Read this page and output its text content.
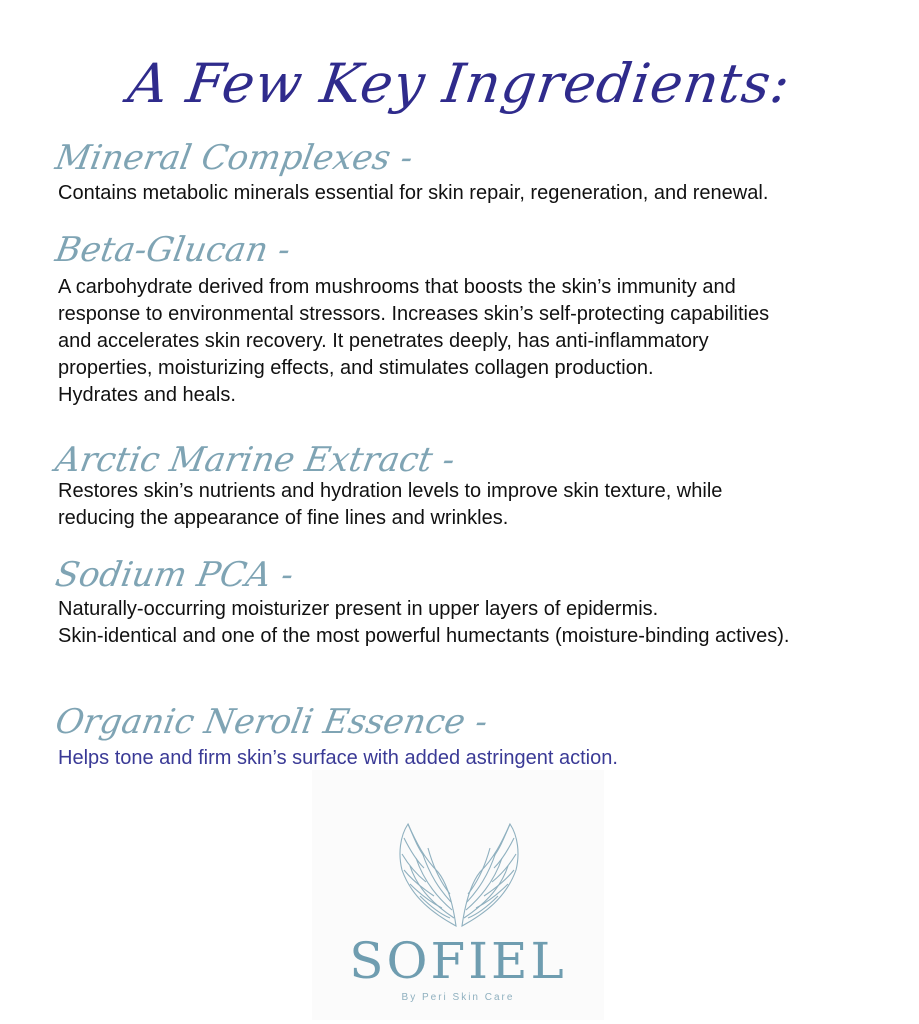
A Few Key Ingredients:
Mineral Complexes -
Contains metabolic minerals essential for skin repair, regeneration, and renewal.
Beta-Glucan -
A carbohydrate derived from mushrooms that boosts the skin’s immunity and
response to environmental stressors. Increases skin’s self-protecting capabilities
and accelerates skin recovery. It penetrates deeply, has anti-inflammatory
properties, moisturizing effects, and stimulates collagen production.
Hydrates and heals.
Arctic Marine Extract -
Restores skin’s nutrients and hydration levels to improve skin texture, while
reducing the appearance of fine lines and wrinkles.
Sodium PCA -
Naturally-occurring moisturizer present in upper layers of epidermis.
Skin-identical and one of the most powerful humectants (moisture-binding actives).
Organic Neroli Essence -
Helps tone and firm skin’s surface with added astringent action.
SOFIEL
By Peri Skin Care
